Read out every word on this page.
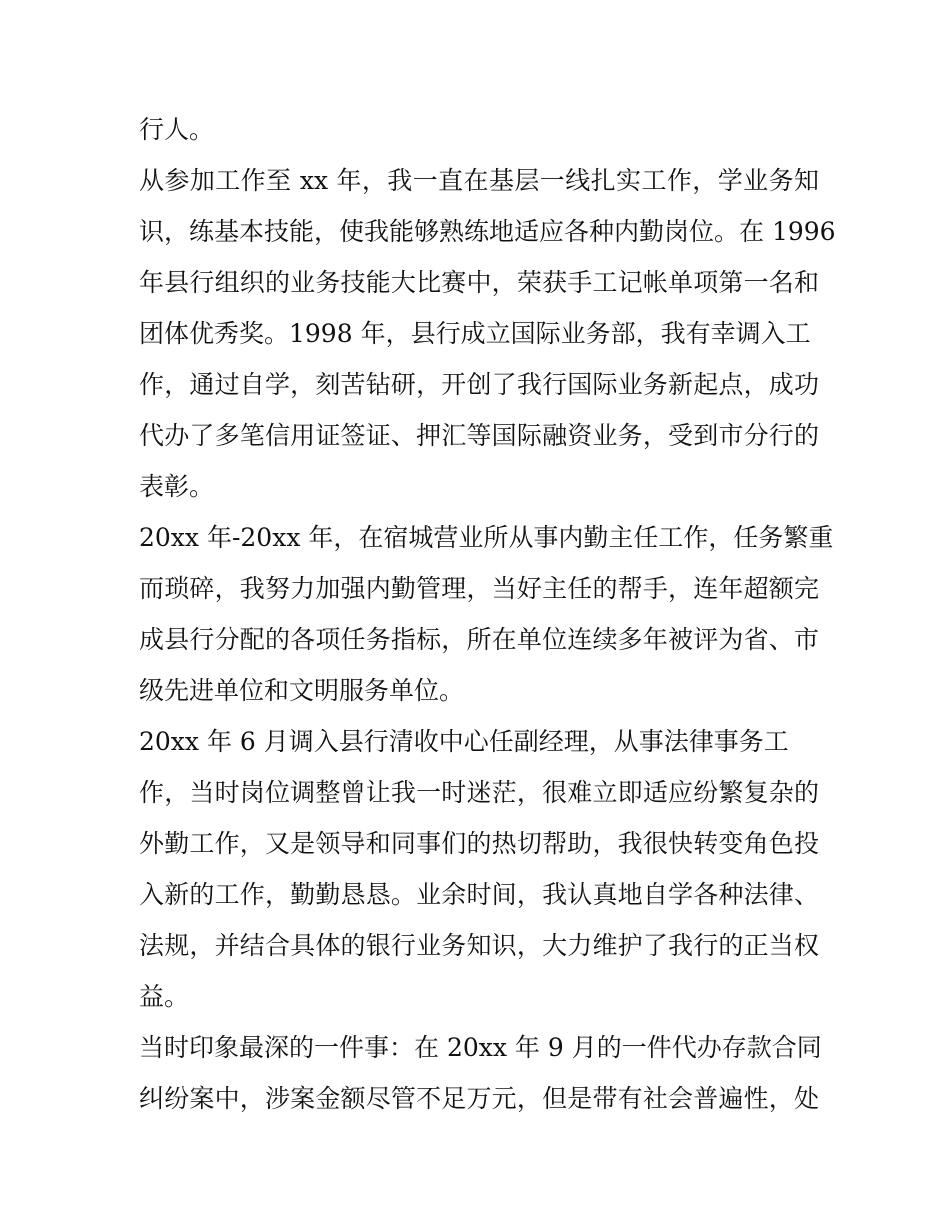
行人。
从参加工作至 xx 年，我一直在基层一线扎实工作，学业务知
识，练基本技能，使我能够熟练地适应各种内勤岗位。在 1996
年县行组织的业务技能大比赛中，荣获手工记帐单项第一名和
团体优秀奖。1998 年，县行成立国际业务部，我有幸调入工
作，通过自学，刻苦钻研，开创了我行国际业务新起点，成功
代办了多笔信用证签证、押汇等国际融资业务，受到市分行的
表彰。
20xx 年-20xx 年，在宿城营业所从事内勤主任工作，任务繁重
而琐碎，我努力加强内勤管理，当好主任的帮手，连年超额完
成县行分配的各项任务指标，所在单位连续多年被评为省、市
级先进单位和文明服务单位。
20xx 年 6 月调入县行清收中心任副经理，从事法律事务工
作，当时岗位调整曾让我一时迷茫，很难立即适应纷繁复杂的
外勤工作，又是领导和同事们的热切帮助，我很快转变角色投
入新的工作，勤勤恳恳。业余时间，我认真地自学各种法律、
法规，并结合具体的银行业务知识，大力维护了我行的正当权
益。
当时印象最深的一件事：在 20xx 年 9 月的一件代办存款合同
纠纷案中，涉案金额尽管不足万元，但是带有社会普遍性，处
